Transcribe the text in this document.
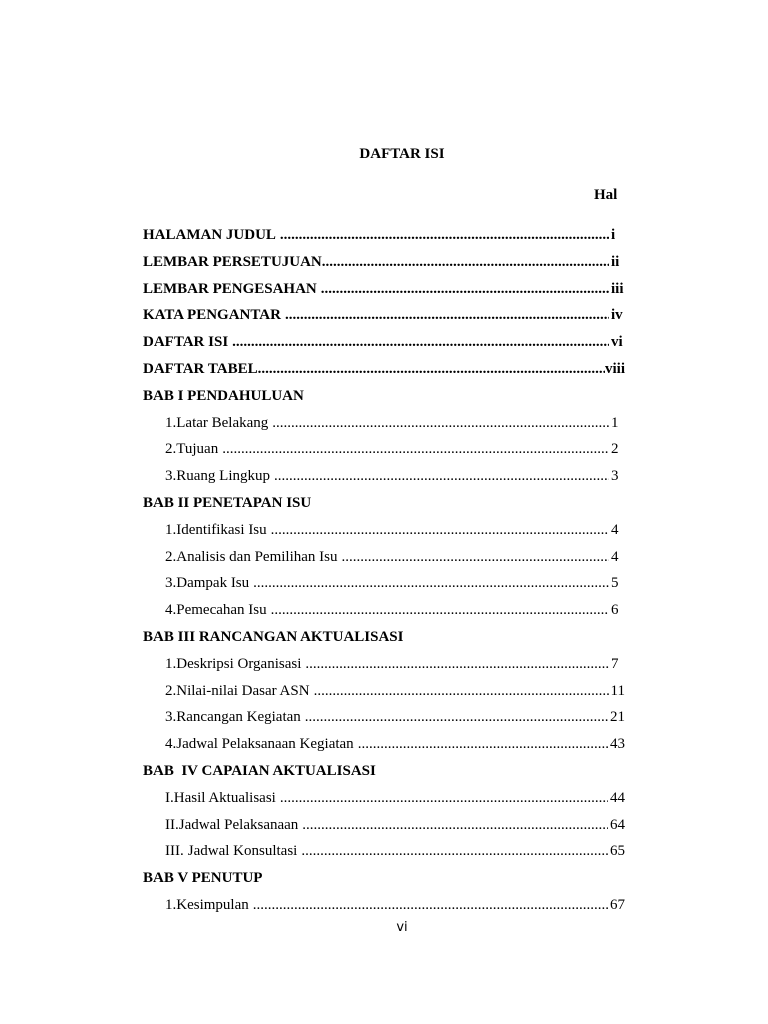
DAFTAR ISI
Hal
HALAMAN JUDUL .....	i
LEMBAR PERSETUJUAN .....	ii
LEMBAR PENGESAHAN .....	iii
KATA PENGANTAR .....	iv
DAFTAR ISI .....	vi
DAFTAR TABEL .....	viii
BAB I PENDAHULUAN
1. Latar Belakang .....	1
2. Tujuan .....	2
3. Ruang Lingkup .....	3
BAB II PENETAPAN ISU
1. Identifikasi Isu .....	4
2. Analisis dan Pemilihan Isu .....	4
3. Dampak Isu .....	5
4. Pemecahan Isu .....	6
BAB III RANCANGAN AKTUALISASI
1. Deskripsi Organisasi .....	7
2. Nilai-nilai Dasar ASN .....	11
3. Rancangan Kegiatan .....	21
4. Jadwal Pelaksanaan Kegiatan .....	43
BAB  IV CAPAIAN AKTUALISASI
I. Hasil Aktualisasi .....	44
II. Jadwal Pelaksanaan .....	64
III. Jadwal Konsultasi .....	65
BAB V PENUTUP
1. Kesimpulan .....	67
vi
